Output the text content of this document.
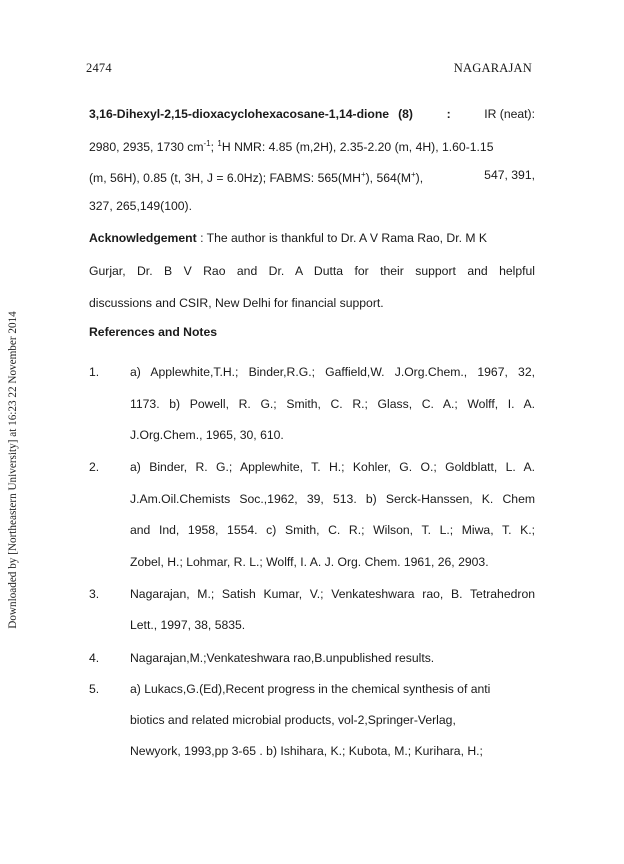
Downloaded by [Northeastern University] at 16:23 22 November 2014
2474	NAGARAJAN
3,16-Dihexyl-2,15-dioxacyclohexacosane-1,14-dione (8)	:	IR (neat):
2980, 2935, 1730 $cm^{-1}$; $^1$H NMR: 4.85 (m,2H), 2.35-2.20 (m, 4H), 1.60-1.15
(m, 56H), 0.85 (t, 3H, J = 6.0Hz); FABMS: 565(MH+), 564(M+),	547, 391,
327, 265,149(100).
Acknowledgement : The author is thankful to Dr. A V Rama Rao, Dr. M K
Gurjar, Dr. B V Rao and Dr. A Dutta for their support and helpful
discussions and CSIR, New Delhi for financial support.
References and Notes
1.	a) Applewhite,T.H.; Binder,R.G.; Gaffield,W. J.Org.Chem., 1967, 32,
1173. b) Powell, R. G.; Smith, C. R.; Glass, C. A.; Wolff, I. A.
J.Org.Chem., 1965, 30, 610.
2.	a) Binder, R. G.; Applewhite, T. H.; Kohler, G. O.; Goldblatt, L. A.
J.Am.Oil.Chemists Soc.,1962, 39, 513. b) Serck-Hanssen, K. Chem
and Ind, 1958, 1554. c) Smith, C. R.; Wilson, T. L.; Miwa, T. K.;
Zobel, H.; Lohmar, R. L.; Wolff, I. A. J. Org. Chem. 1961, 26, 2903.
3.	Nagarajan, M.; Satish Kumar, V.; Venkateshwara rao, B. Tetrahedron
Lett., 1997, 38, 5835.
4.	Nagarajan,M.;Venkateshwara rao,B.unpublished results.
5.	a) Lukacs,G.(Ed),Recent progress in the chemical synthesis of anti
biotics and related microbial products, vol-2,Springer-Verlag,
Newyork, 1993,pp 3-65 . b) Ishihara, K.; Kubota, M.; Kurihara, H.;
